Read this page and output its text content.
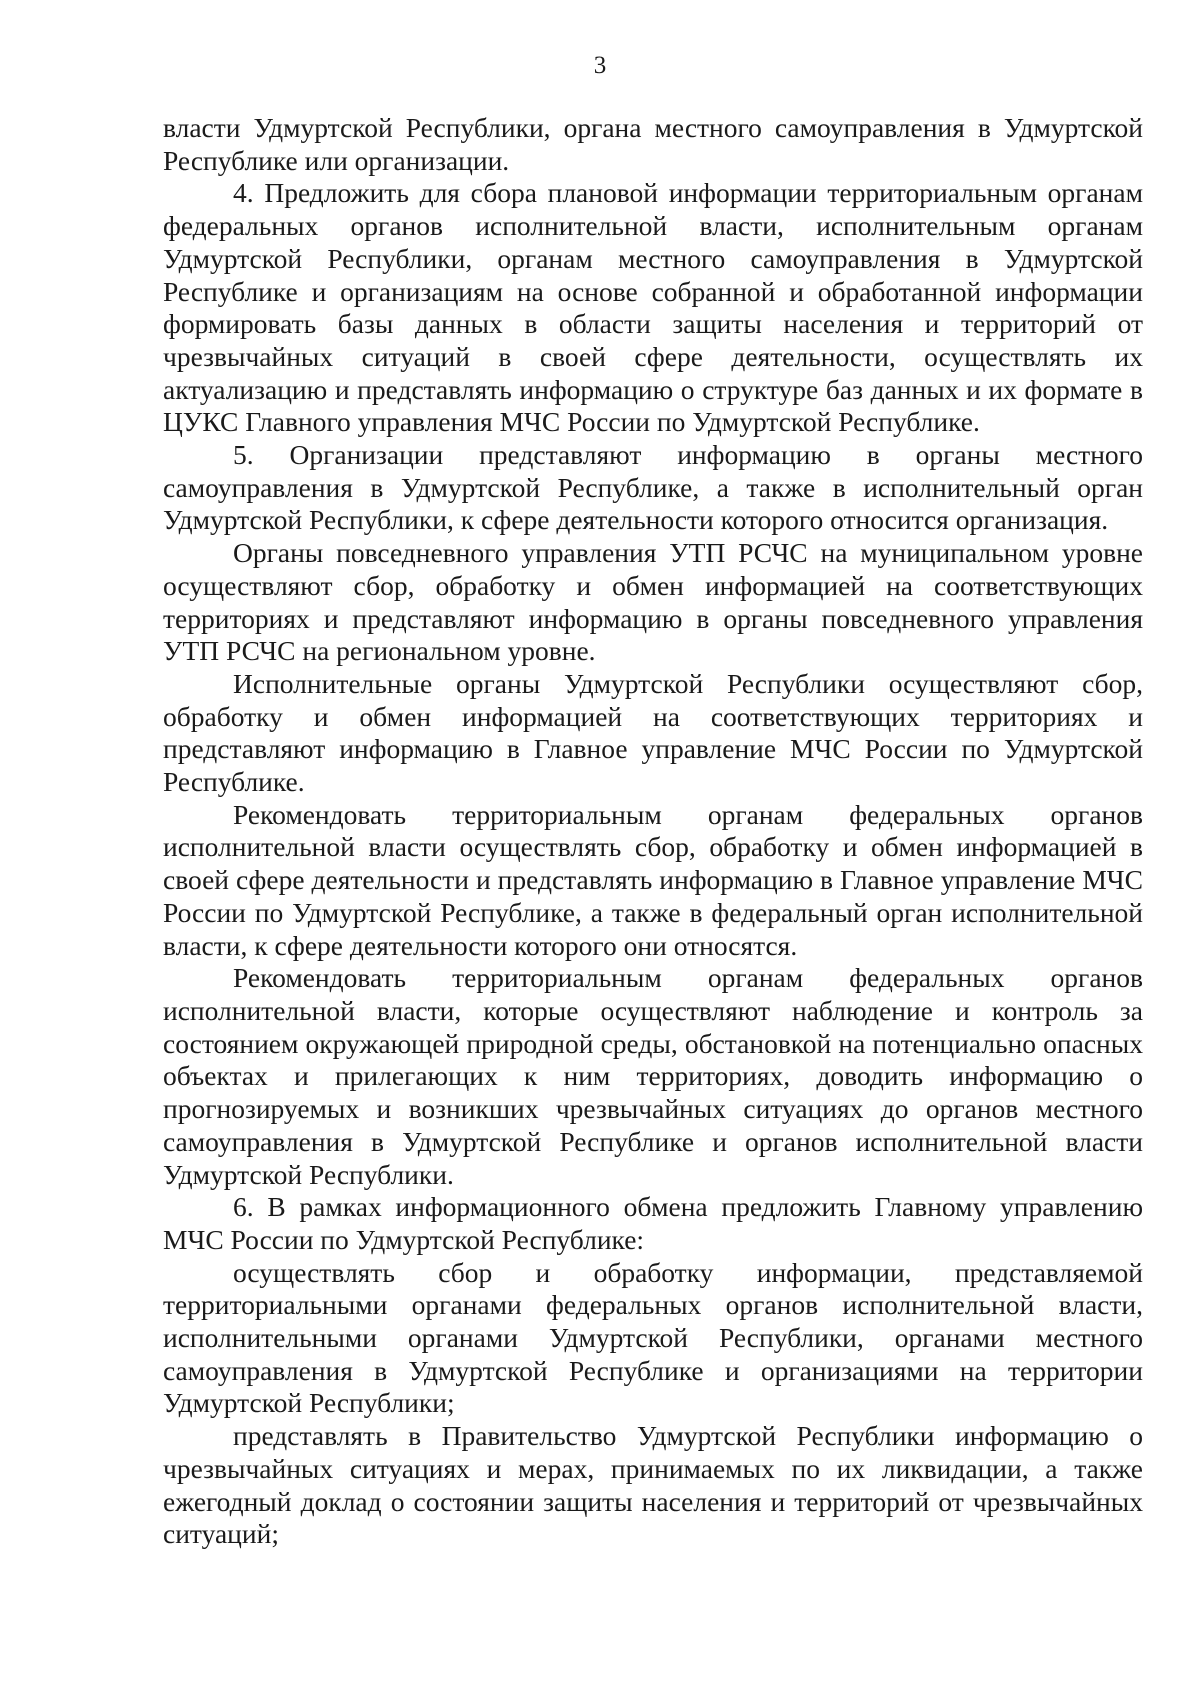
3

власти Удмуртской Республики, органа местного самоуправления в Удмуртской Республике или организации.

4. Предложить для сбора плановой информации территориальным органам федеральных органов исполнительной власти, исполнительным органам Удмуртской Республики, органам местного самоуправления в Удмуртской Республике и организациям на основе собранной и обработанной информации формировать базы данных в области защиты населения и территорий от чрезвычайных ситуаций в своей сфере деятельности, осуществлять их актуализацию и представлять информацию о структуре баз данных и их формате в ЦУКС Главного управления МЧС России по Удмуртской Республике.

5. Организации представляют информацию в органы местного самоуправления в Удмуртской Республике, а также в исполнительный орган Удмуртской Республики, к сфере деятельности которого относится организация.

Органы повседневного управления УТП РСЧС на муниципальном уровне осуществляют сбор, обработку и обмен информацией на соответствующих территориях и представляют информацию в органы повседневного управления УТП РСЧС на региональном уровне.

Исполнительные органы Удмуртской Республики осуществляют сбор, обработку и обмен информацией на соответствующих территориях и представляют информацию в Главное управление МЧС России по Удмуртской Республике.

Рекомендовать территориальным органам федеральных органов исполнительной власти осуществлять сбор, обработку и обмен информацией в своей сфере деятельности и представлять информацию в Главное управление МЧС России по Удмуртской Республике, а также в федеральный орган исполнительной власти, к сфере деятельности которого они относятся.

Рекомендовать территориальным органам федеральных органов исполнительной власти, которые осуществляют наблюдение и контроль за состоянием окружающей природной среды, обстановкой на потенциально опасных объектах и прилегающих к ним территориях, доводить информацию о прогнозируемых и возникших чрезвычайных ситуациях до органов местного самоуправления в Удмуртской Республике и органов исполнительной власти Удмуртской Республики.

6. В рамках информационного обмена предложить Главному управлению МЧС России по Удмуртской Республике:

осуществлять сбор и обработку информации, представляемой территориальными органами федеральных органов исполнительной власти, исполнительными органами Удмуртской Республики, органами местного самоуправления в Удмуртской Республике и организациями на территории Удмуртской Республики;

представлять в Правительство Удмуртской Республики информацию о чрезвычайных ситуациях и мерах, принимаемых по их ликвидации, а также ежегодный доклад о состоянии защиты населения и территорий от чрезвычайных ситуаций;
